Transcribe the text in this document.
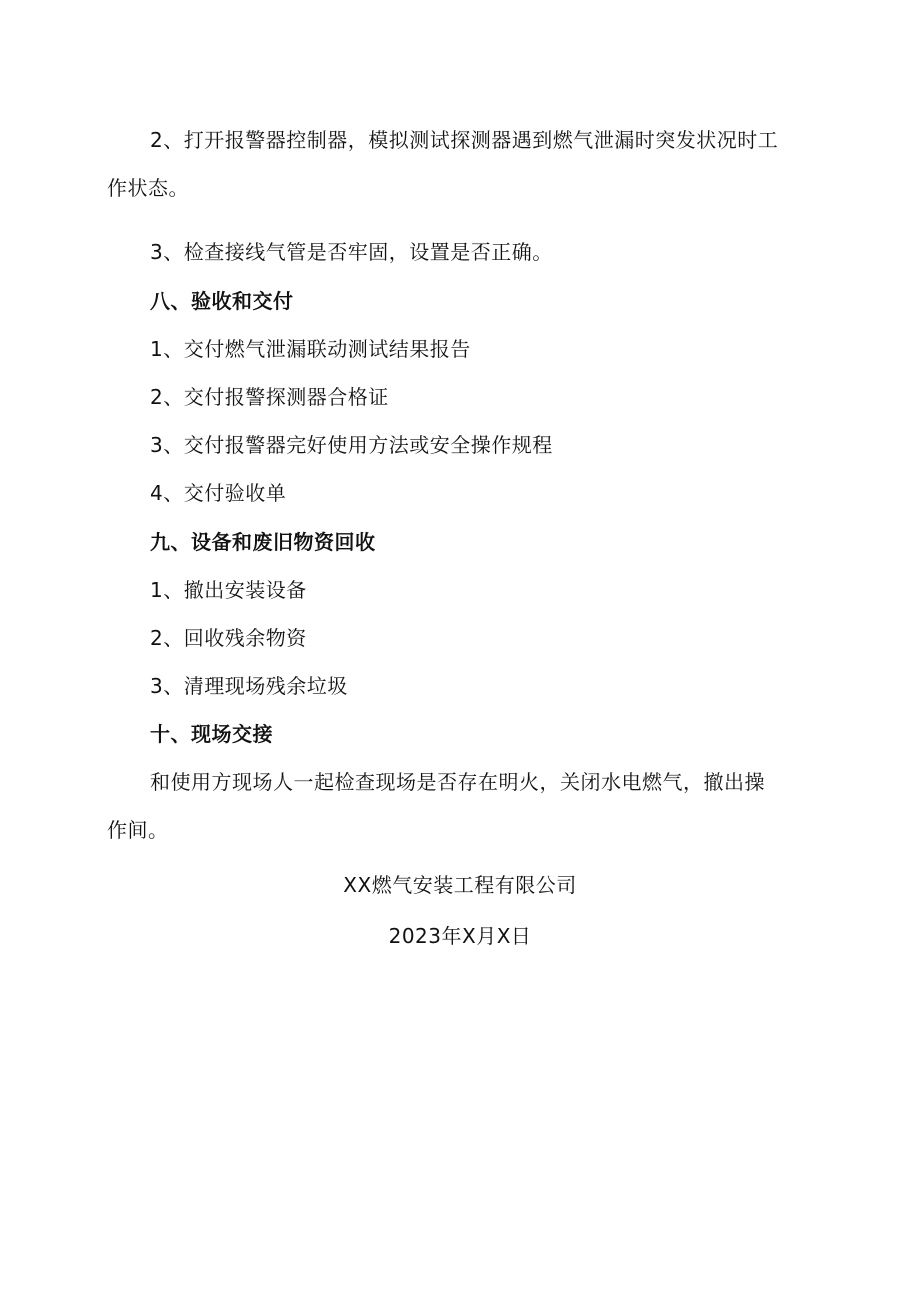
2、打开报警器控制器，模拟测试探测器遇到燃气泄漏时突发状况时工
作状态。
3、检查接线气管是否牢固，设置是否正确。
八、验收和交付
1、交付燃气泄漏联动测试结果报告
2、交付报警探测器合格证
3、交付报警器完好使用方法或安全操作规程
4、交付验收单
九、设备和废旧物资回收
1、撤出安装设备
2、回收残余物资
3、清理现场残余垃圾
十、现场交接
和使用方现场人一起检查现场是否存在明火，关闭水电燃气，撤出操
作间。
XX燃气安装工程有限公司
2023年X月X日
